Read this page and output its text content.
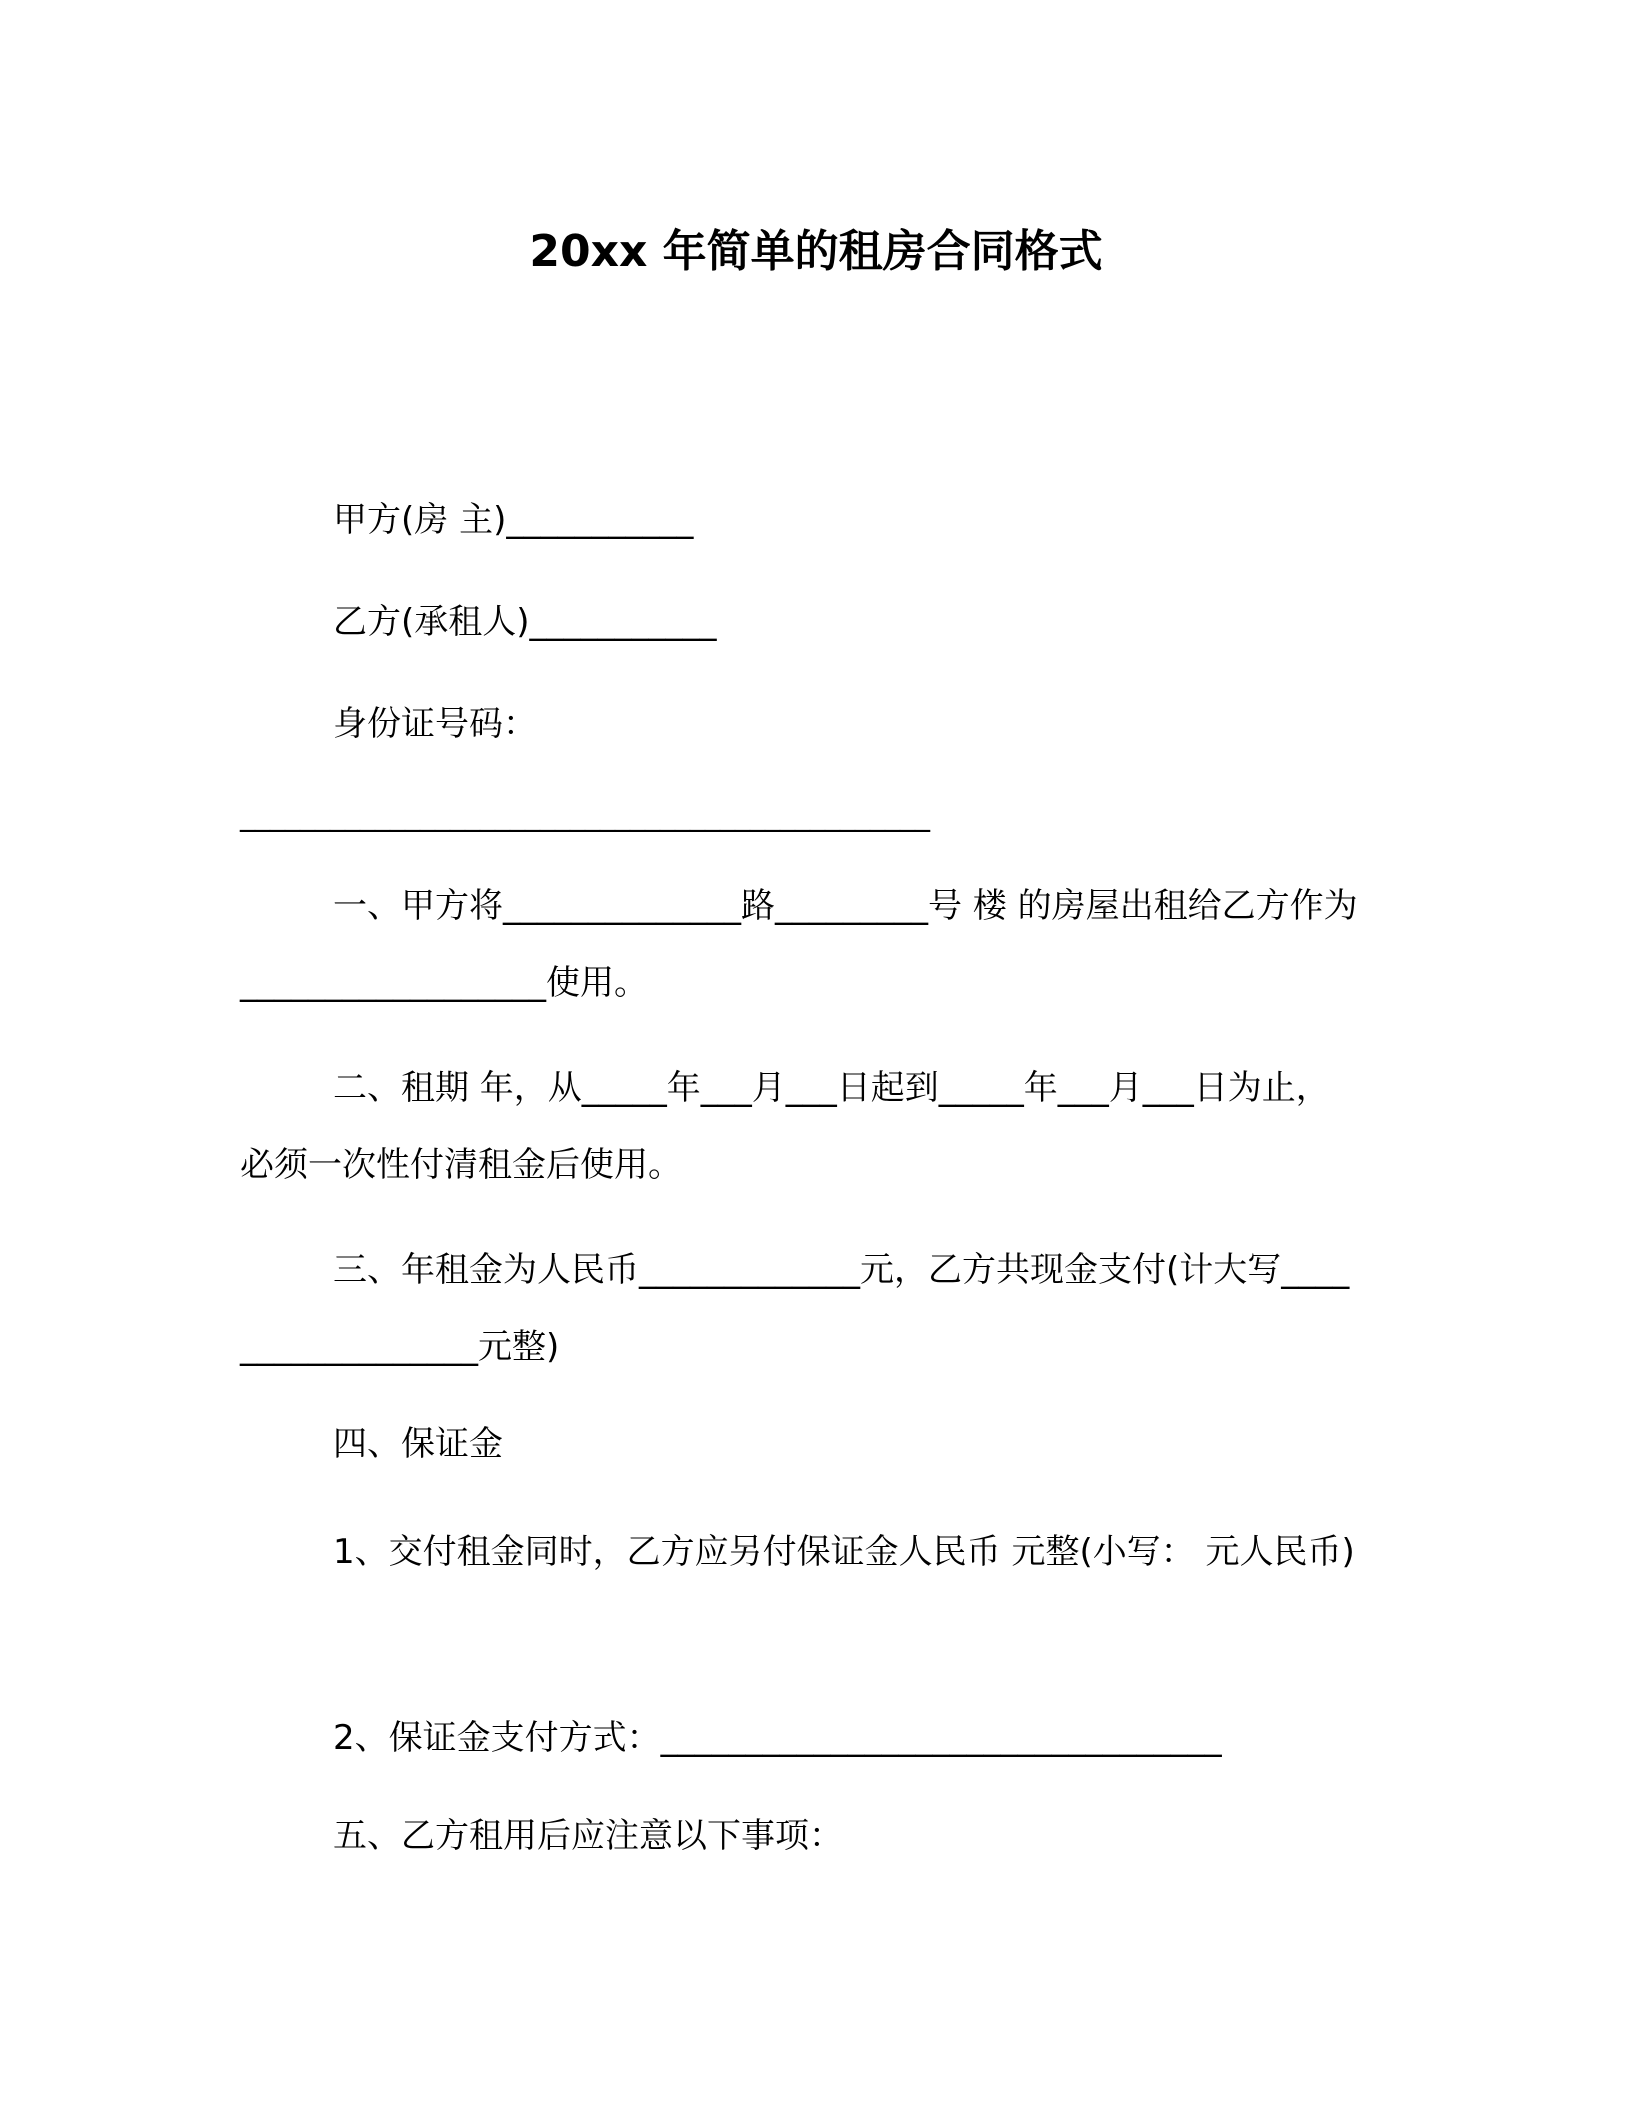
20xx 年简单的租房合同格式
甲方(房 主)___________
乙方(承租人)___________
身份证号码：
______________________________________________
一、甲方将______________路_________号 楼 的房屋出租给乙方作为__________________使用。
二、租期 年，从_____年___月___日起到_____年___月___日为止，必须一次性付清租金后使用。
三、年租金为人民币_____________元，乙方共现金支付(计大写__________________元整)
四、保证金
1、交付租金同时，乙方应另付保证金人民币 元整(小写： 元人民币)
2、保证金支付方式：_________________________________
五、乙方租用后应注意以下事项：
